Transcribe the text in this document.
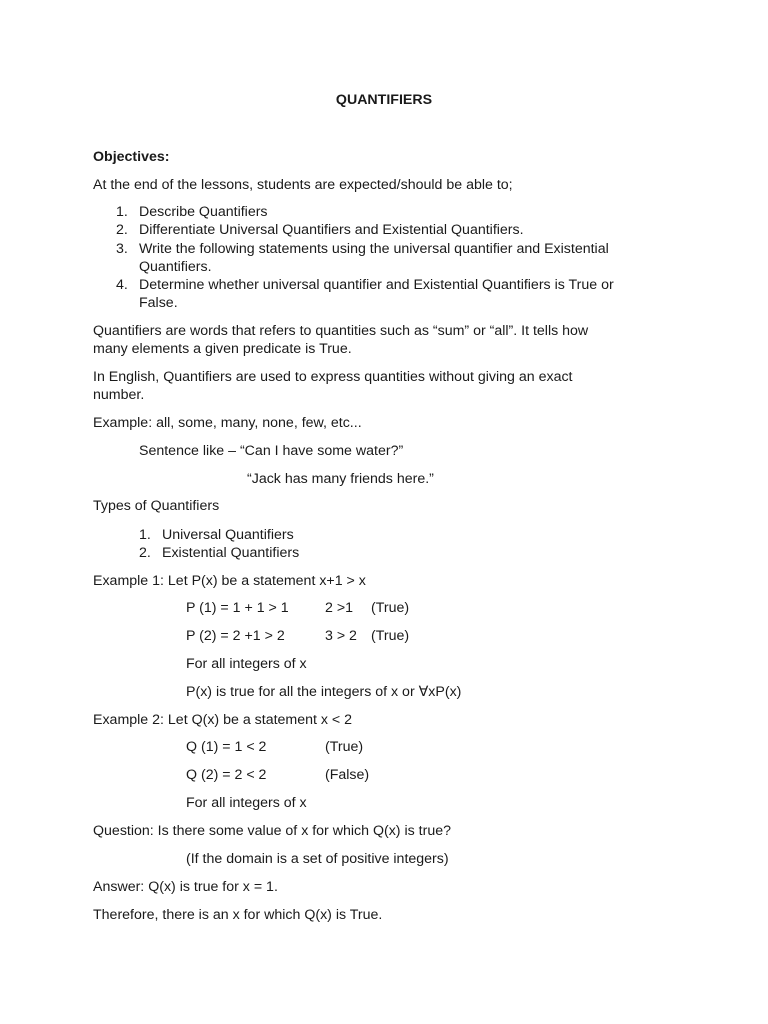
QUANTIFIERS
Objectives:
At the end of the lessons, students are expected/should be able to;
1. Describe Quantifiers
2. Differentiate Universal Quantifiers and Existential Quantifiers.
3. Write the following statements using the universal quantifier and Existential
Quantifiers.
4. Determine whether universal quantifier and Existential Quantifiers is True or
False.
Quantifiers are words that refers to quantities such as “sum” or “all”. It tells how
many elements a given predicate is True.
In English, Quantifiers are used to express quantities without giving an exact
number.
Example: all, some, many, none, few, etc...
Sentence like – “Can I have some water?”
“Jack has many friends here.”
Types of Quantifiers
1. Universal Quantifiers
2. Existential Quantifiers
Example 1: Let P(x) be a statement x+1 > x
P (1) = 1 + 1 > 1	2 >1 (True)
P (2) = 2 +1 > 2	3 > 2 (True)
For all integers of x
P(x) is true for all the integers of x or ∀xP(x)
Example 2: Let Q(x) be a statement x < 2
Q (1) = 1 < 2	(True)
Q (2) = 2 < 2	(False)
For all integers of x
Question: Is there some value of x for which Q(x) is true?
(If the domain is a set of positive integers)
Answer: Q(x) is true for x = 1.
Therefore, there is an x for which Q(x) is True.
